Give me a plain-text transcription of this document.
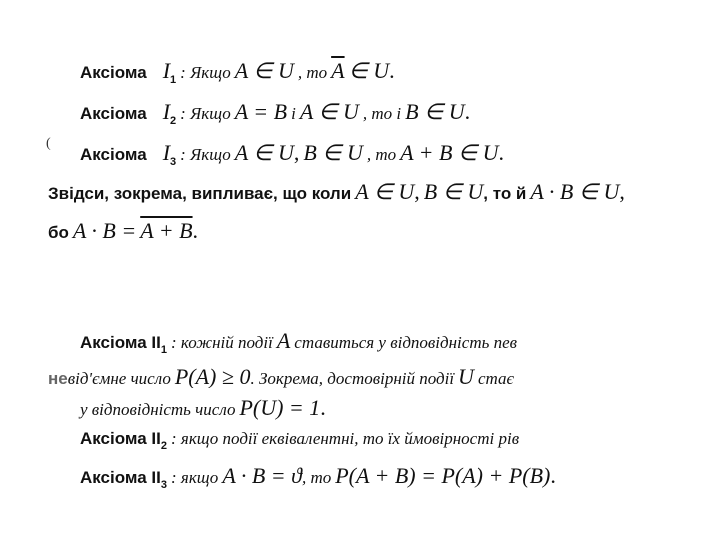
Аксіома $I_1$ : Якщо A ∈ U , то $\overline{A}$ ∈ U.
Аксіома $I_2$ : Якщо A = B і A ∈ U , то і B ∈ U.
(
Аксіома $I_3$ : Якщо A ∈ U, B ∈ U , то A + B ∈ U.
Звідси, зокрема, випливає, що коли A ∈ U, B ∈ U, то й A · B ∈ U,
бо A · B = A + B.
Аксіома $II_1$ : кожній події A ставиться у відповідність пев
невід'ємне число P(A) ≥ 0. Зокрема, достовірній події U стає
у відповідність число P(U) = 1.
Аксіома $II_2$ : якщо події еквівалентні, то їх ймовірності рів
Аксіома $II_3$ : якщо A · B = ϑ, то P(A + B) = P(A) + P(B).
